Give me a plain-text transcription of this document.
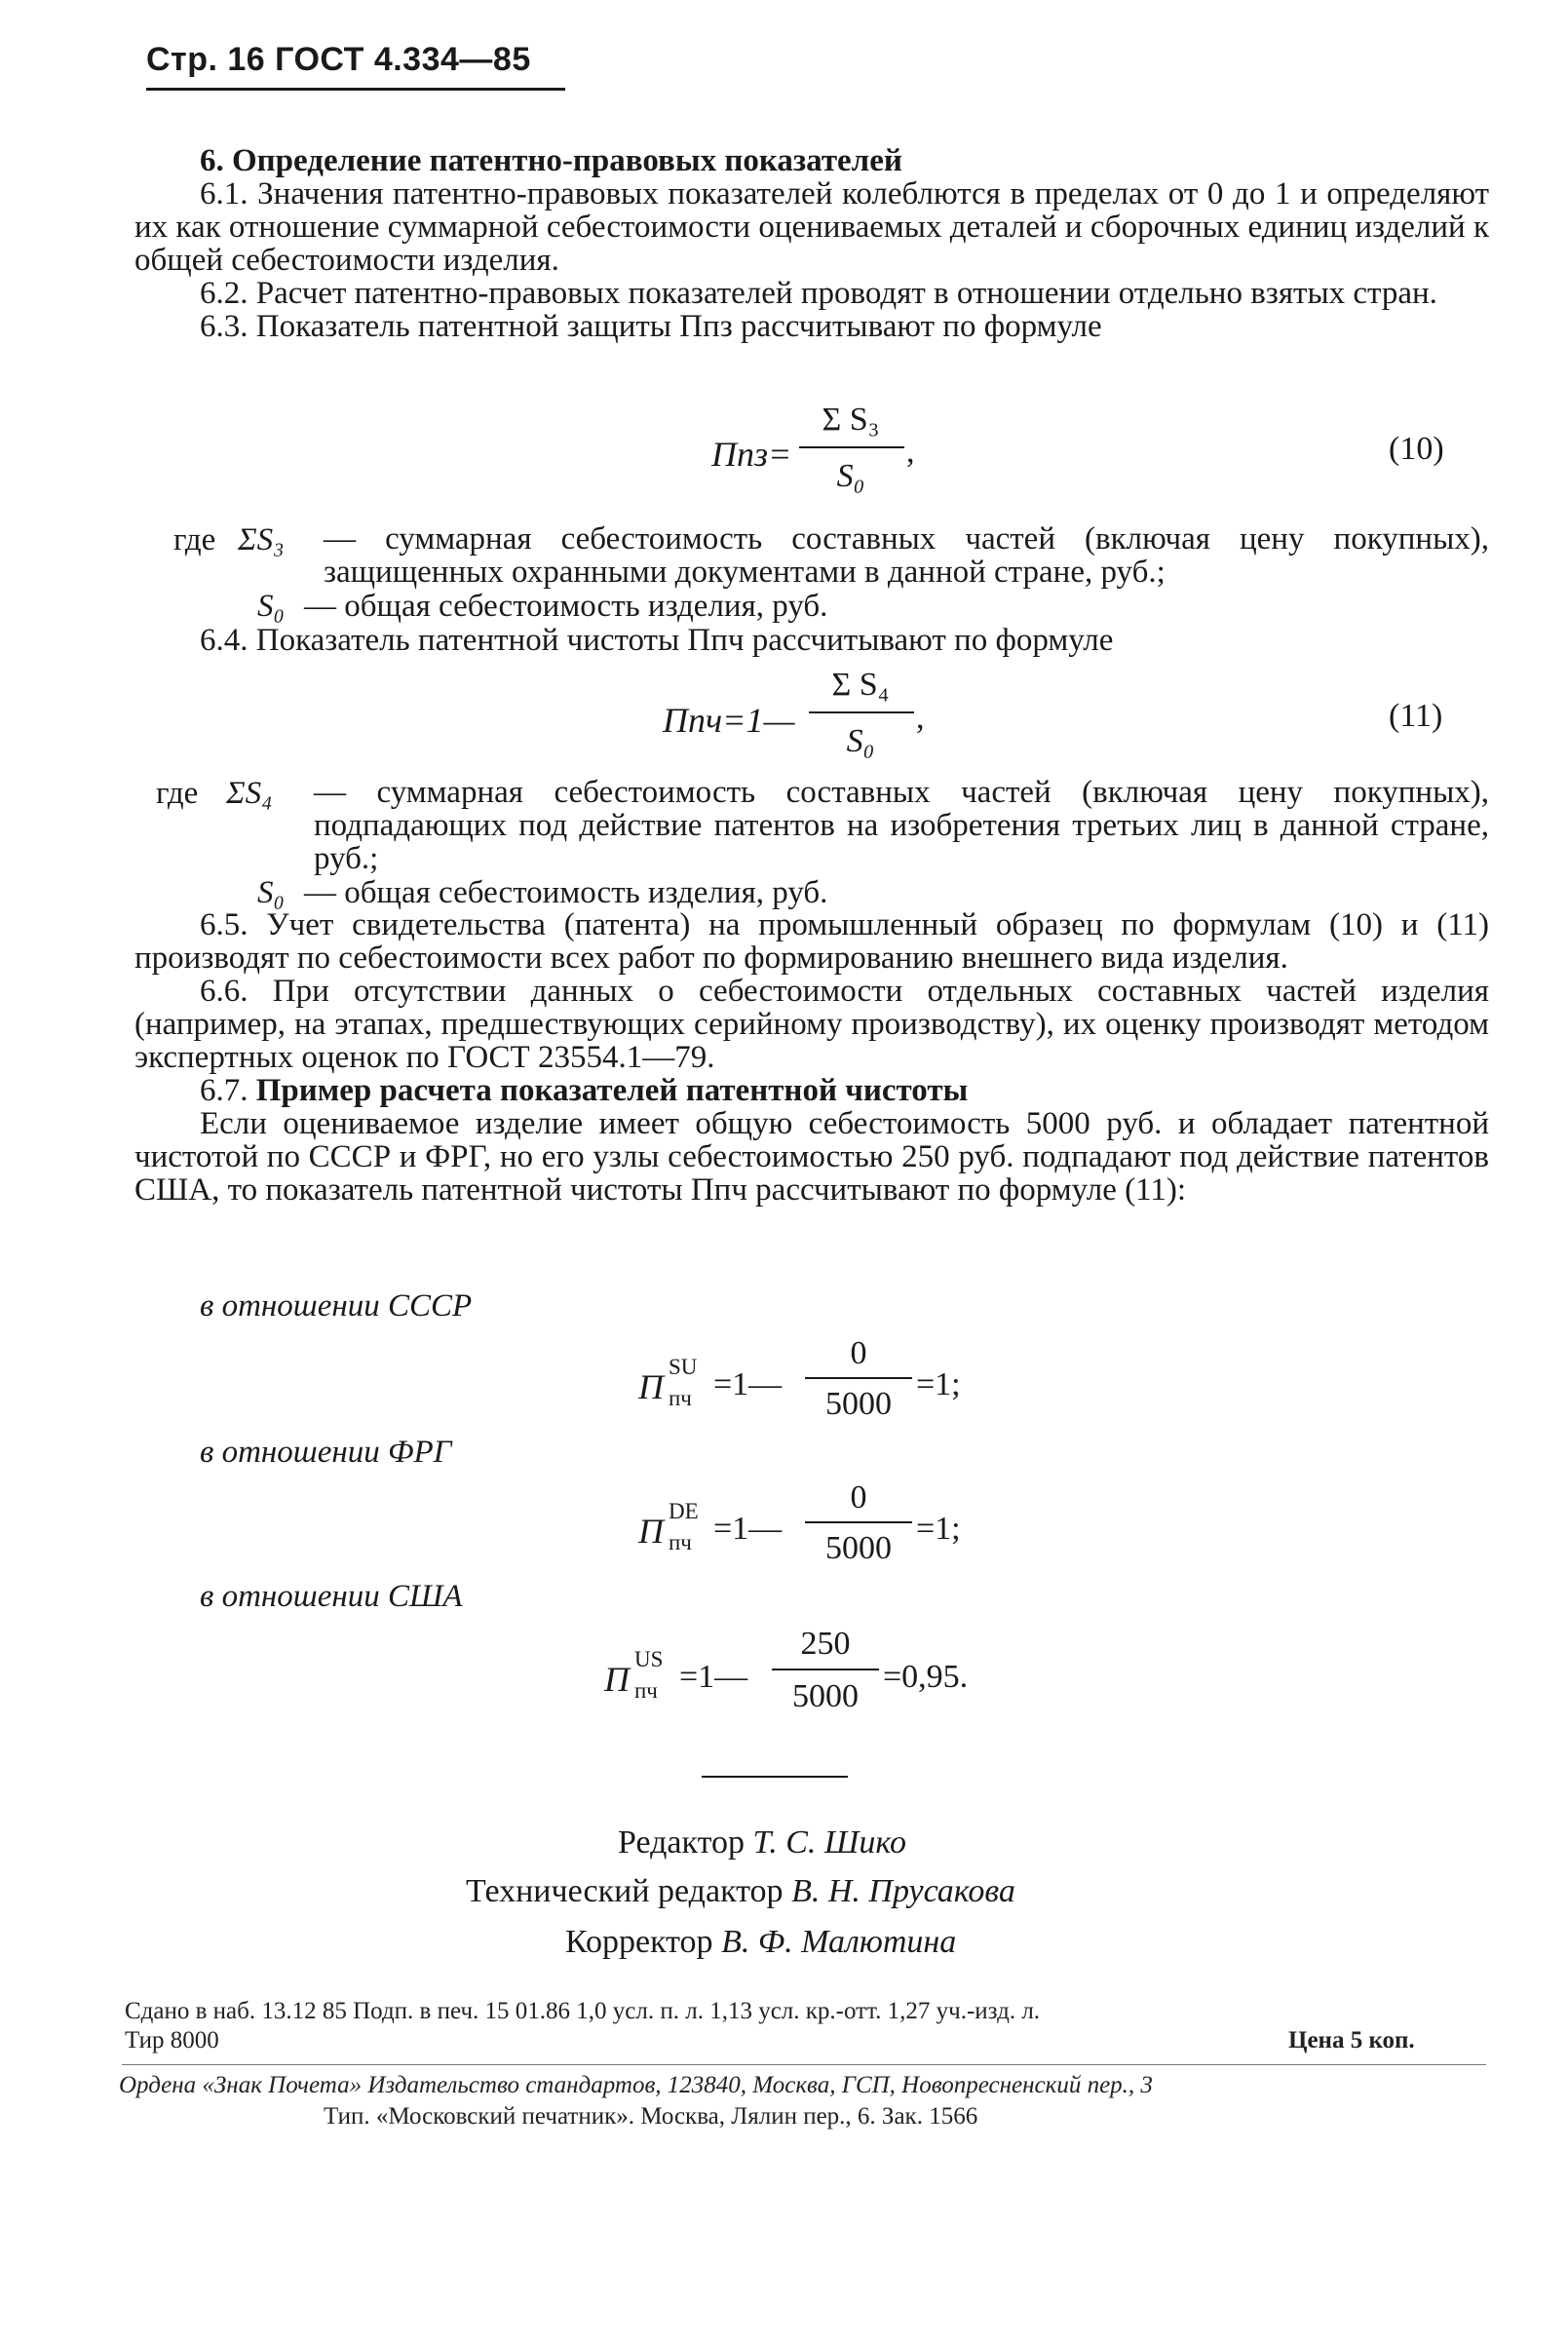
Стр. 16 ГОСТ 4.334—85

6. Определение патентно-правовых показателей

6.1. Значения патентно-правовых показателей колеблются в пределах от 0 до 1 и определяют их как отношение суммарной себестоимости оцениваемых деталей и сборочных единиц изделий к общей себестоимости изделия.

6.2. Расчет патентно-правовых показателей проводят в отношении отдельно взятых стран.

6.3. Показатель патентной защиты Ппз рассчитывают по формуле

Ппз=
Σ S₃
S₀
,	(10)
где ΣS₃ — суммарная себестоимость составных частей (включая цену покупных), защищенных охранными документами в данной стране, руб.;
S₀ — общая себестоимость изделия, руб.

6.4. Показатель патентной чистоты Ппч рассчитывают по формуле

Ппч=1—
Σ S₄
S₀
,	(11)
где ΣS₄ — суммарная себестоимость составных частей (включая цену покупных), подпадающих под действие патентов на изобретения третьих лиц в данной стране, руб.;
S₀ — общая себестоимость изделия, руб.

6.5. Учет свидетельства (патента) на промышленный образец по формулам (10) и (11) производят по себестоимости всех работ по формированию внешнего вида изделия.

6.6. При отсутствии данных о себестоимости отдельных составных частей изделия (например, на этапах, предшествующих серийному производству), их оценку производят методом экспертных оценок по ГОСТ 23554.1—79.

6.7. Пример расчета показателей патентной чистоты

Если оцениваемое изделие имеет общую себестоимость 5000 руб. и обладает патентной чистотой по СССР и ФРГ, но его узлы себестоимостью 250 руб. подпадают под действие патентов США, то показатель патентной чистоты Ппч рассчитывают по формуле (11):

в отношении СССР
П
SU
пч =1—
0
5000
=1;
в отношении ФРГ
П
DE
пч =1—
0
5000
=1;
в отношении США
П
US
пч =1—
250
5000
=0,95.
Редактор Т. С. Шико
Технический редактор В. Н. Прусакова
Корректор В. Ф. Малютина
Сдано в наб. 13.12 85 Подп. в печ. 15 01.86 1,0 усл. п. л. 1,13 усл. кр.-отт. 1,27 уч.-изд. л.
Тир 8000	Цена 5 коп.
Ордена «Знак Почета» Издательство стандартов, 123840, Москва, ГСП, Новопресненский пер., 3
Тип. «Московский печатник». Москва, Лялин пер., 6. Зак. 1566
